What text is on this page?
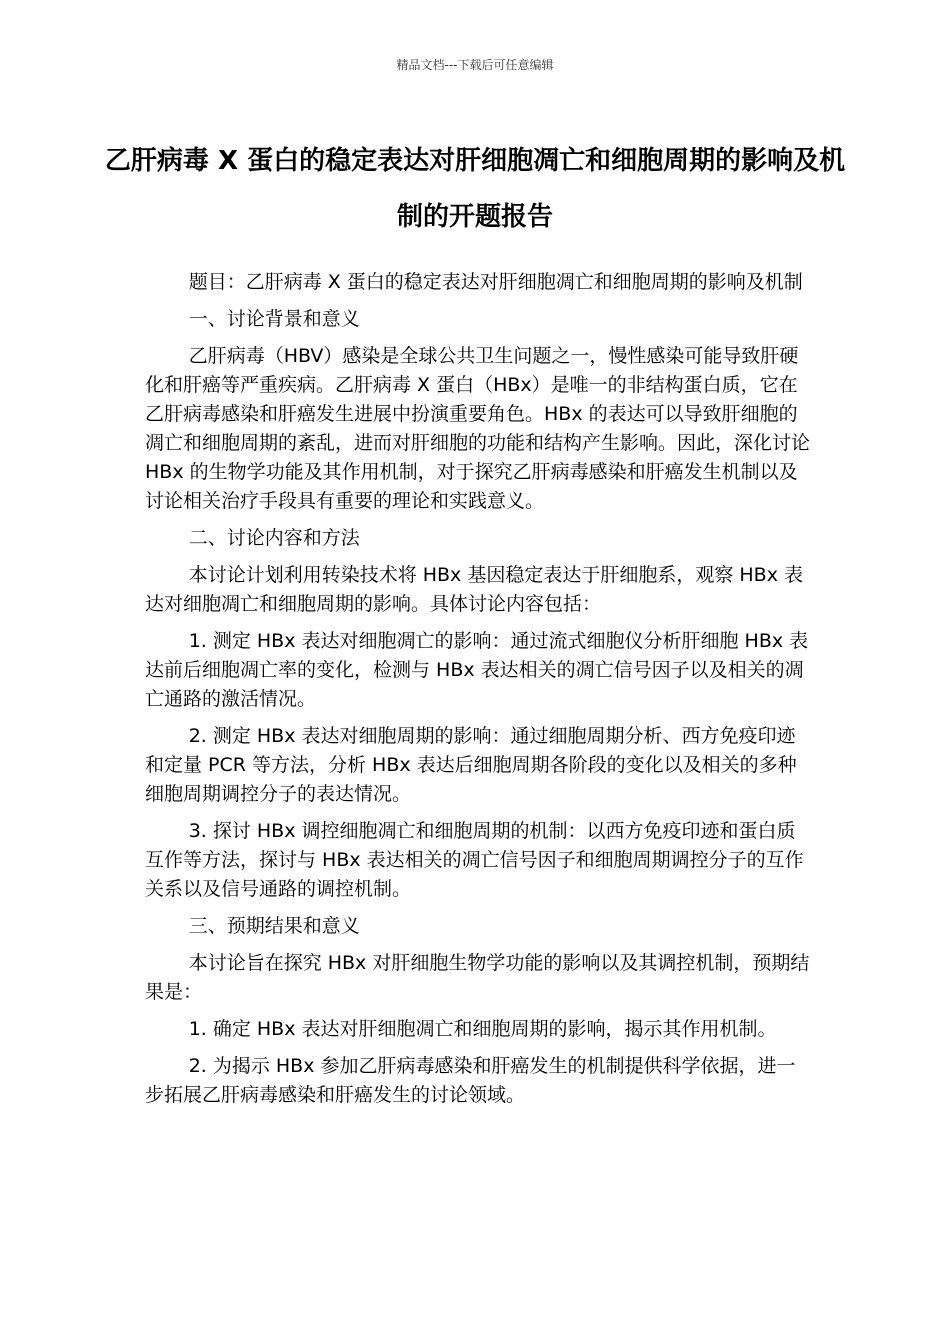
精品文档---下载后可任意编辑
乙肝病毒 X 蛋白的稳定表达对肝细胞凋亡和细胞周期的影响及机制的开题报告

题目：乙肝病毒 X 蛋白的稳定表达对肝细胞凋亡和细胞周期的影响及机制

一、讨论背景和意义

乙肝病毒（HBV）感染是全球公共卫生问题之一，慢性感染可能导致肝硬化和肝癌等严重疾病。乙肝病毒 X 蛋白（HBx）是唯一的非结构蛋白质，它在乙肝病毒感染和肝癌发生进展中扮演重要角色。HBx 的表达可以导致肝细胞的凋亡和细胞周期的紊乱，进而对肝细胞的功能和结构产生影响。因此，深化讨论 HBx 的生物学功能及其作用机制，对于探究乙肝病毒感染和肝癌发生机制以及讨论相关治疗手段具有重要的理论和实践意义。

二、讨论内容和方法

本讨论计划利用转染技术将 HBx 基因稳定表达于肝细胞系，观察 HBx 表达对细胞凋亡和细胞周期的影响。具体讨论内容包括：

1. 测定 HBx 表达对细胞凋亡的影响：通过流式细胞仪分析肝细胞 HBx 表达前后细胞凋亡率的变化，检测与 HBx 表达相关的凋亡信号因子以及相关的凋亡通路的激活情况。

2. 测定 HBx 表达对细胞周期的影响：通过细胞周期分析、西方免疫印迹和定量 PCR 等方法，分析 HBx 表达后细胞周期各阶段的变化以及相关的多种细胞周期调控分子的表达情况。

3. 探讨 HBx 调控细胞凋亡和细胞周期的机制：以西方免疫印迹和蛋白质互作等方法，探讨与 HBx 表达相关的凋亡信号因子和细胞周期调控分子的互作关系以及信号通路的调控机制。

三、预期结果和意义

本讨论旨在探究 HBx 对肝细胞生物学功能的影响以及其调控机制，预期结果是：

1. 确定 HBx 表达对肝细胞凋亡和细胞周期的影响，揭示其作用机制。

2. 为揭示 HBx 参加乙肝病毒感染和肝癌发生的机制提供科学依据，进一步拓展乙肝病毒感染和肝癌发生的讨论领域。
